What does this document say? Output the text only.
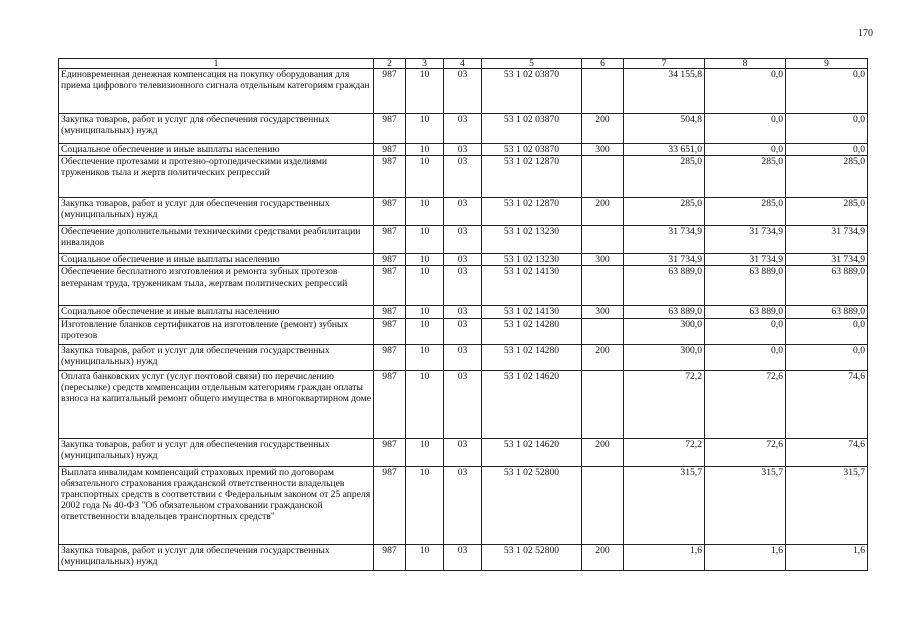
170
1	2	3	4	5	6	7	8	9
Единовременная денежная компенсация на покупку оборудования для приема цифрового телевизионного сигнала отдельным категориям граждан	987	10	03	53 1 02 03870		34 155,8	0,0	0,0
Закупка товаров, работ и услуг для обеспечения государственных (муниципальных) нужд	987	10	03	53 1 02 03870	200	504,8	0,0	0,0
Социальное обеспечение и иные выплаты населению	987	10	03	53 1 02 03870	300	33 651,0	0,0	0,0
Обеспечение протезами и протезно-ортопедическими изделиями тружеников тыла и жертв политических репрессий	987	10	03	53 1 02 12870		285,0	285,0	285,0
Закупка товаров, работ и услуг для обеспечения государственных (муниципальных) нужд	987	10	03	53 1 02 12870	200	285,0	285,0	285,0
Обеспечение дополнительными техническими средствами реабилитации инвалидов	987	10	03	53 1 02 13230		31 734,9	31 734,9	31 734,9
Социальное обеспечение и иные выплаты населению	987	10	03	53 1 02 13230	300	31 734,9	31 734,9	31 734,9
Обеспечение бесплатного изготовления и ремонта зубных протезов ветеранам труда, труженикам тыла, жертвам политических репрессий	987	10	03	53 1 02 14130		63 889,0	63 889,0	63 889,0
Социальное обеспечение и иные выплаты населению	987	10	03	53 1 02 14130	300	63 889,0	63 889,0	63 889,0
Изготовление бланков сертификатов на изготовление (ремонт) зубных протезов	987	10	03	53 1 02 14280		300,0	0,0	0,0
Закупка товаров, работ и услуг для обеспечения государственных (муниципальных) нужд	987	10	03	53 1 02 14280	200	300,0	0,0	0,0
Оплата банковских услуг (услуг почтовой связи) по перечислению (пересылке) средств компенсации отдельным категориям граждан оплаты взноса на капитальный ремонт общего имущества в многоквартирном доме	987	10	03	53 1 02 14620		72,2	72,6	74,6
Закупка товаров, работ и услуг для обеспечения государственных (муниципальных) нужд	987	10	03	53 1 02 14620	200	72,2	72,6	74,6
Выплата инвалидам компенсаций страховых премий по договорам обязательного страхования гражданской ответственности владельцев транспортных средств в соответствии с Федеральным законом от 25 апреля 2002 года № 40-ФЗ "Об обязательном страховании гражданской ответственности владельцев транспортных средств"	987	10	03	53 1 02 52800		315,7	315,7	315,7
Закупка товаров, работ и услуг для обеспечения государственных (муниципальных) нужд	987	10	03	53 1 02 52800	200	1,6	1,6	1,6
